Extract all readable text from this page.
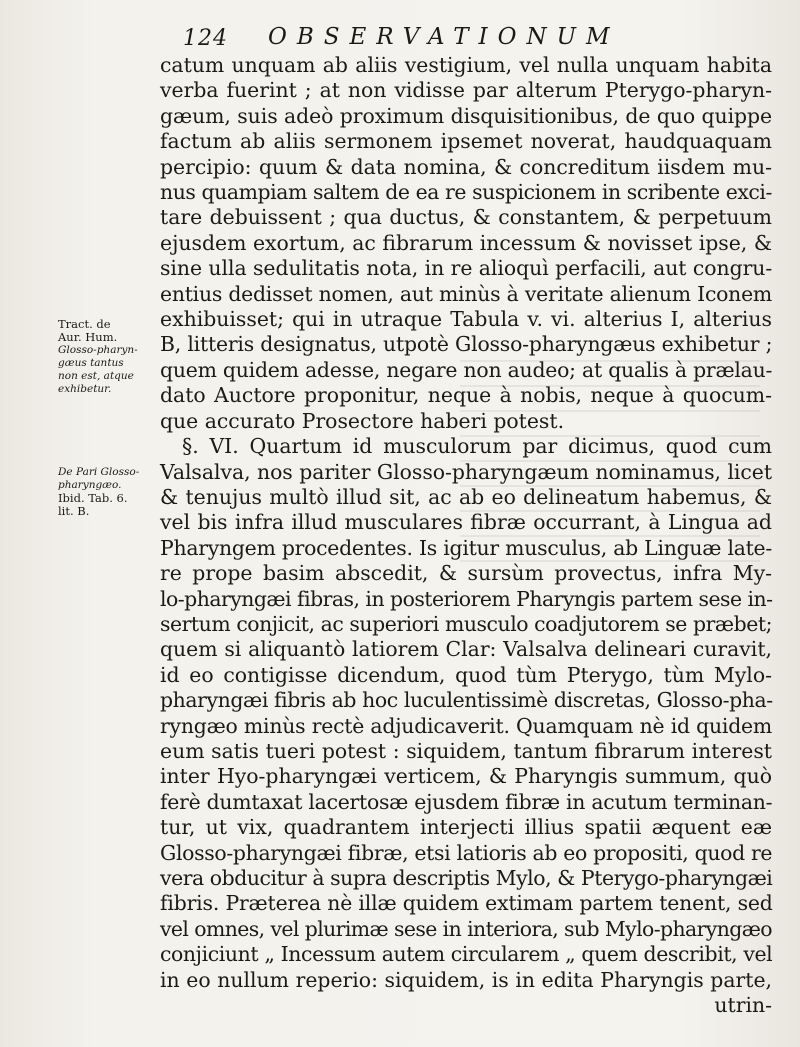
124 OBSERVATIONUM
Tract. de
Aur. Hum.
Glosso-pharyn-
gæus tantus
non est, atque
exhibetur.
De Pari Glosso-
pharyngæo.
Ibid. Tab. 6.
lit. B.
catum unquam ab aliis vestigium, vel nulla unquam habita
verba fuerint ; at non vidisse par alterum Pterygo-pharyn-
gæum, suis adeò proximum disquisitionibus, de quo quippe
factum ab aliis sermonem ipsemet noverat, haudquaquam
percipio: quum & data nomina, & concreditum iisdem mu-
nus quampiam saltem de ea re suspicionem in scribente exci-
tare debuissent ; qua ductus, & constantem, & perpetuum
ejusdem exortum, ac fibrarum incessum & novisset ipse, &
sine ulla sedulitatis nota, in re alioquì perfacili, aut congru-
entius dedisset nomen, aut minùs à veritate alienum Iconem
exhibuisset; qui in utraque Tabula v. vi. alterius I, alterius
B, litteris designatus, utpotè Glosso-pharyngæus exhibetur ;
quem quidem adesse, negare non audeo; at qualis à prælau-
dato Auctore proponitur, neque à nobis, neque à quocum-
que accurato Prosectore haberi potest.
§. VI. Quartum id musculorum par dicimus, quod cum
Valsalva, nos pariter Glosso-pharyngæum nominamus, licet
& tenujus multò illud sit, ac ab eo delineatum habemus, &
vel bis infra illud musculares fibræ occurrant, à Lingua ad
Pharyngem procedentes. Is igitur musculus, ab Linguæ late-
re prope basim abscedit, & sursùm provectus, infra My-
lo-pharyngæi fibras, in posteriorem Pharyngis partem sese in-
sertum conjicit, ac superiori musculo coadjutorem se præbet;
quem si aliquantò latiorem Clar: Valsalva delineari curavit,
id eo contigisse dicendum, quod tùm Pterygo, tùm Mylo-
pharyngæi fibris ab hoc luculentissimè discretas, Glosso-pha-
ryngæo minùs rectè adjudicaverit. Quamquam nè id quidem
eum satis tueri potest : siquidem, tantum fibrarum interest
inter Hyo-pharyngæi verticem, & Pharyngis summum, quò
ferè dumtaxat lacertosæ ejusdem fibræ in acutum terminan-
tur, ut vix, quadrantem interjecti illius spatii æquent eæ
Glosso-pharyngæi fibræ, etsi latioris ab eo propositi, quod re
vera obducitur à supra descriptis Mylo, & Pterygo-pharyngæi
fibris. Præterea nè illæ quidem extimam partem tenent, sed
vel omnes, vel plurimæ sese in interiora, sub Mylo-pharyngæo
conjiciunt „ Incessum autem circularem „ quem describit, vel
in eo nullum reperio: siquidem, is in edita Pharyngis parte,
utrin-
